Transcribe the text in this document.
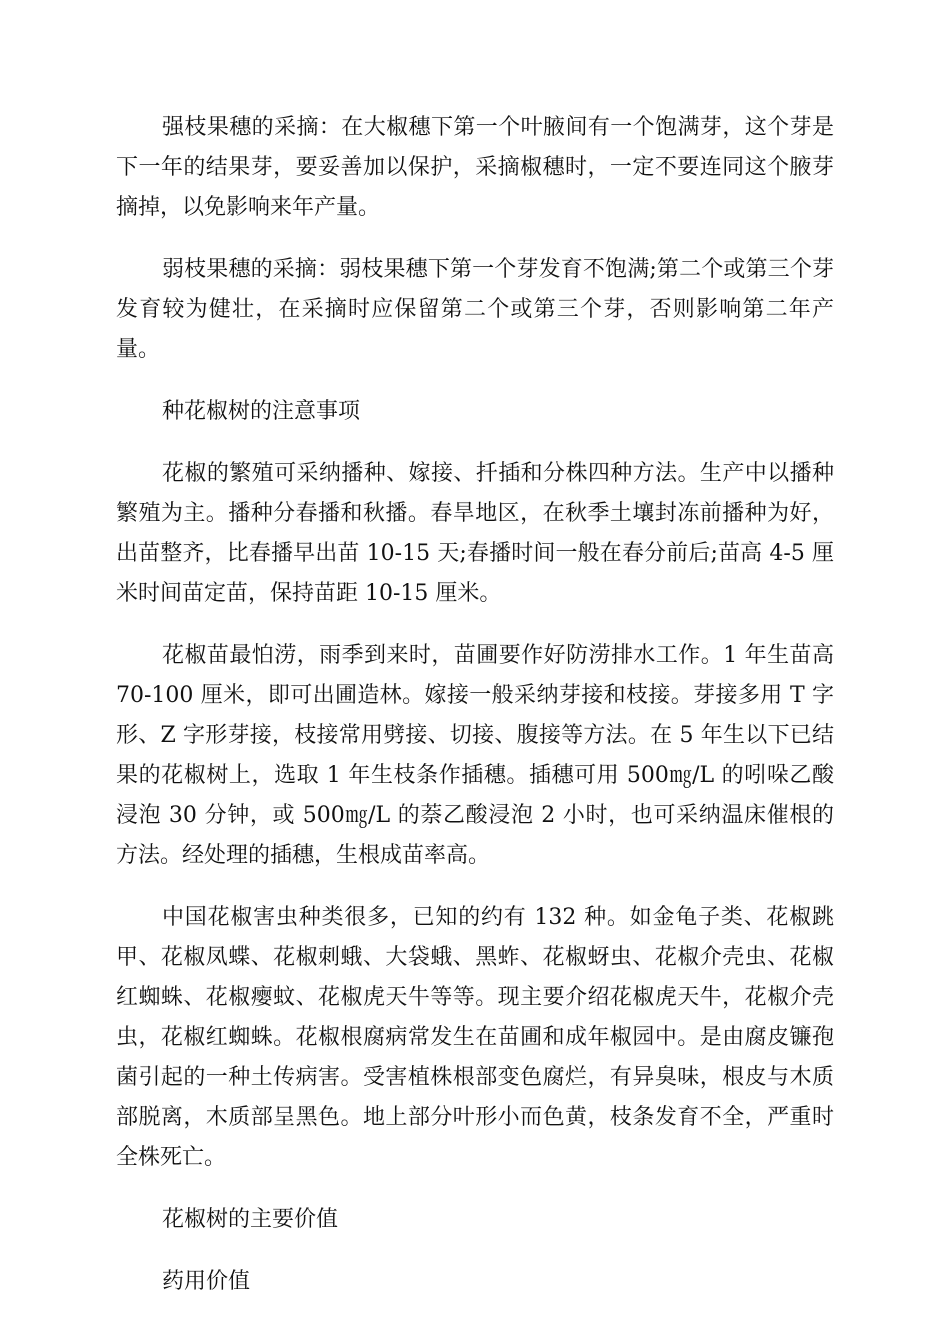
强枝果穗的采摘：在大椒穗下第一个叶腋间有一个饱满芽，这个芽是下一年的结果芽，要妥善加以保护，采摘椒穗时，一定不要连同这个腋芽摘掉，以免影响来年产量。

弱枝果穗的采摘：弱枝果穗下第一个芽发育不饱满;第二个或第三个芽发育较为健壮，在采摘时应保留第二个或第三个芽，否则影响第二年产量。

种花椒树的注意事项

花椒的繁殖可采纳播种、嫁接、扦插和分株四种方法。生产中以播种繁殖为主。播种分春播和秋播。春旱地区，在秋季土壤封冻前播种为好，出苗整齐，比春播早出苗 10-15 天;春播时间一般在春分前后;苗高 4-5 厘米时间苗定苗，保持苗距 10-15 厘米。

花椒苗最怕涝，雨季到来时，苗圃要作好防涝排水工作。1 年生苗高 70-100 厘米，即可出圃造林。嫁接一般采纳芽接和枝接。芽接多用 T 字形、Z 字形芽接，枝接常用劈接、切接、腹接等方法。在 5 年生以下已结果的花椒树上，选取 1 年生枝条作插穗。插穗可用 500㎎/L 的吲哚乙酸浸泡 30 分钟，或 500㎎/L 的萘乙酸浸泡 2 小时，也可采纳温床催根的方法。经处理的插穗，生根成苗率高。

中国花椒害虫种类很多，已知的约有 132 种。如金龟子类、花椒跳甲、花椒凤蝶、花椒刺蛾、大袋蛾、黑蚱、花椒蚜虫、花椒介壳虫、花椒红蜘蛛、花椒瘿蚊、花椒虎天牛等等。现主要介绍花椒虎天牛，花椒介壳虫，花椒红蜘蛛。花椒根腐病常发生在苗圃和成年椒园中。是由腐皮镰孢菌引起的一种土传病害。受害植株根部变色腐烂，有异臭味，根皮与木质部脱离，木质部呈黑色。地上部分叶形小而色黄，枝条发育不全，严重时全株死亡。

花椒树的主要价值

药用价值
